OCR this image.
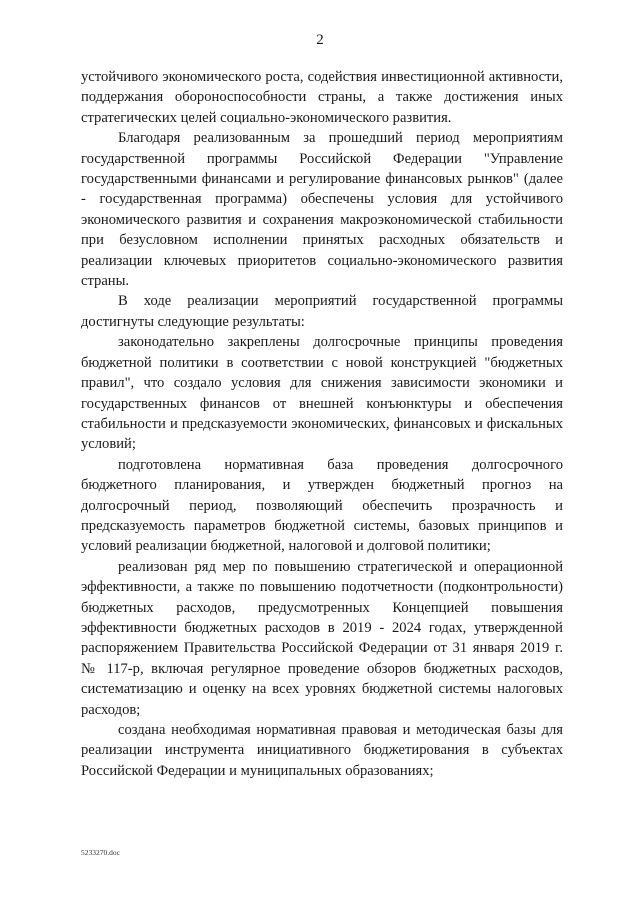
2

устойчивого экономического роста, содействия инвестиционной активности, поддержания обороноспособности страны, а также достижения иных стратегических целей социально-экономического развития.

Благодаря реализованным за прошедший период мероприятиям государственной программы Российской Федерации "Управление государственными финансами и регулирование финансовых рынков" (далее - государственная программа) обеспечены условия для устойчивого экономического развития и сохранения макроэкономической стабильности при безусловном исполнении принятых расходных обязательств и реализации ключевых приоритетов социально-экономического развития страны.

В ходе реализации мероприятий государственной программы достигнуты следующие результаты:

законодательно закреплены долгосрочные принципы проведения бюджетной политики в соответствии с новой конструкцией "бюджетных правил", что создало условия для снижения зависимости экономики и государственных финансов от внешней конъюнктуры и обеспечения стабильности и предсказуемости экономических, финансовых и фискальных условий;

подготовлена нормативная база проведения долгосрочного бюджетного планирования, и утвержден бюджетный прогноз на долгосрочный период, позволяющий обеспечить прозрачность и предсказуемость параметров бюджетной системы, базовых принципов и условий реализации бюджетной, налоговой и долговой политики;

реализован ряд мер по повышению стратегической и операционной эффективности, а также по повышению подотчетности (подконтрольности) бюджетных расходов, предусмотренных Концепцией повышения эффективности бюджетных расходов в 2019 - 2024 годах, утвержденной распоряжением Правительства Российской Федерации от 31 января 2019 г. № 117-р, включая регулярное проведение обзоров бюджетных расходов, систематизацию и оценку на всех уровнях бюджетной системы налоговых расходов;

создана необходимая нормативная правовая и методическая базы для реализации инструмента инициативного бюджетирования в субъектах Российской Федерации и муниципальных образованиях;

5233270.doc
